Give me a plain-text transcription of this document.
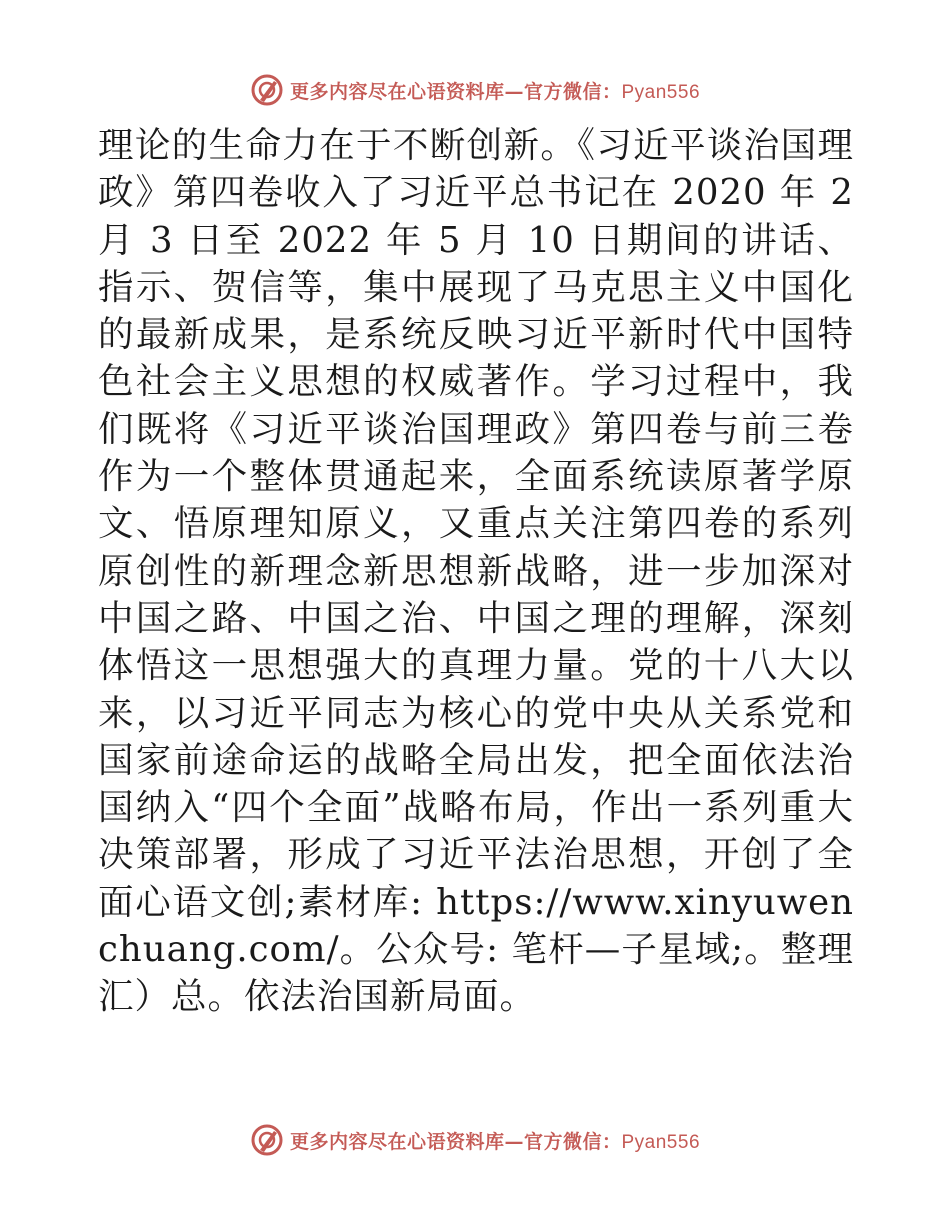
更多内容尽在心语资料库—官方微信：Pyan556

理论的生命力在于不断创新。《习近平谈治国理政》第四卷收入了习近平总书记在 2020 年 2 月 3 日至 2022 年 5 月 10 日期间的讲话、指示、贺信等，集中展现了马克思主义中国化的最新成果，是系统反映习近平新时代中国特色社会主义思想的权威著作。学习过程中，我们既将《习近平谈治国理政》第四卷与前三卷作为一个整体贯通起来，全面系统读原著学原文、悟原理知原义，又重点关注第四卷的系列原创性的新理念新思想新战略，进一步加深对中国之路、中国之治、中国之理的理解，深刻体悟这一思想强大的真理力量。党的十八大以来，以习近平同志为核心的党中央从关系党和国家前途命运的战略全局出发，把全面依法治国纳入“四个全面”战略布局，作出一系列重大决策部署，形成了习近平法治思想，开创了全面心语文创;素材库: https://www.xinyuwenchuang.com/。公众号: 笔杆—子星域;。整理汇）总。依法治国新局面。

更多内容尽在心语资料库—官方微信：Pyan556
